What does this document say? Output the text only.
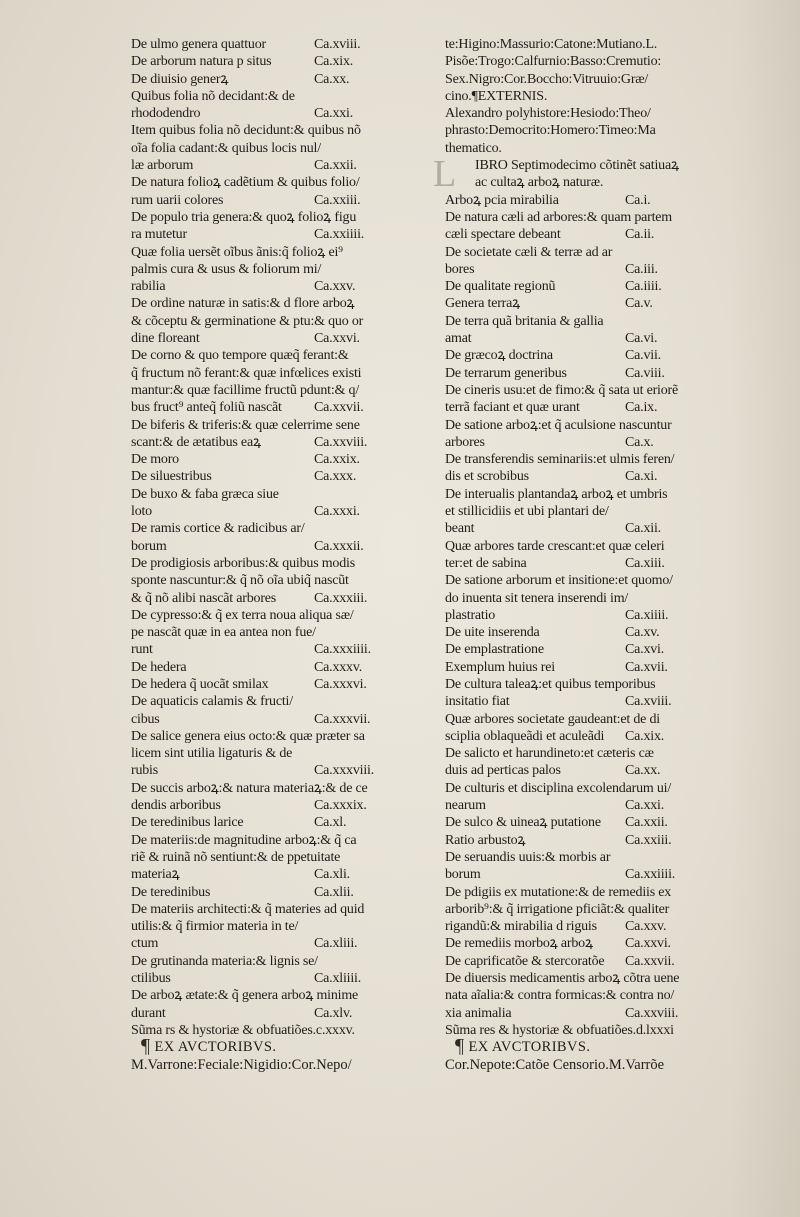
L
De ulmo genera quattuor	Ca.xviii.
De arborum natura p situs	Ca.xix.
De diuisio generꝝ	Ca.xx.
Quibus folia nõ decidant:& de
rhododendro	Ca.xxi.
Item quibus folia nõ decidunt:& quibus nõ
oĩa folia cadant:& quibus locis nul/
læ arborum	Ca.xxii.
De natura folioꝝ cadẽtium & quibus folio/
rum uarii colores	Ca.xxiii.
De populo tria genera:& quoꝝ folioꝝ figu
ra mutetur	Ca.xxiiii.
Quæ folia uersẽt oĩbus ãnis:q̃ folioꝝ ei⁹
palmis cura & usus & foliorum mi/
rabilia	Ca.xxv.
De ordine naturæ in satis:& d flore arboꝝ
& cõceptu & germinatione & ptu:& quo or
dine floreant	Ca.xxvi.
De corno & quo tempore quæq̃ ferant:&
q̃ fructum nõ ferant:& quæ infœlices existi
mantur:& quæ facillime fructũ pdunt:& q/
bus fruct⁹ anteq̃ foliũ nascãt Ca.xxvii.
De biferis & triferis:& quæ celerrime sene
scant:& de ætatibus eaꝝ	Ca.xxviii.
De moro	Ca.xxix.
De siluestribus	Ca.xxx.
De buxo & faba græca siue
loto	Ca.xxxi.
De ramis cortice & radicibus ar/
borum	Ca.xxxii.
De prodigiosis arboribus:& quibus modis
sponte nascuntur:& q̃ nõ oĩa ubiq̃ nascũt
& q̃ nõ alibi nascãt arbores	Ca.xxxiii.
De cypresso:& q̃ ex terra noua aliqua sæ/
pe nascãt quæ in ea antea non fue/
runt	Ca.xxxiiii.
De hedera	Ca.xxxv.
De hedera q̃ uocãt smilax	Ca.xxxvi.
De aquaticis calamis & fructi/
cibus	Ca.xxxvii.
De salice genera eius octo:& quæ præter sa
licem sint utilia ligaturis & de
rubis	Ca.xxxviii.
De succis arboꝝ:& natura materiaꝝ:& de ce
dendis arboribus	Ca.xxxix.
De teredinibus larice	Ca.xl.
De materiis:de magnitudine arboꝝ:& q̃ ca
riẽ & ruinã nõ sentiunt:& de ppetuitate
materiaꝝ	Ca.xli.
De teredinibus	Ca.xlii.
De materiis architecti:& q̃ materies ad quid
utilis:& q̃ firmior materia in te/
ctum	Ca.xliii.
De grutinanda materia:& lignis se/
ctilibus	Ca.xliiii.
De arboꝝ ætate:& q̃ genera arboꝝ minime
durant	Ca.xlv.
Sũma rs & hystoriæ & obfuatiões.c.xxxv.
¶ EX AVCTORIBVS.
M.Varrone:Feciale:Nigidio:Cor.Nepo/
te:Higino:Massurio:Catone:Mutiano.L.
Pisõe:Trogo:Calfurnio:Basso:Cremutio:
Sex.Nigro:Cor.Boccho:Vitruuio:Græ/
cino.¶EXTERNIS.
Alexandro polyhistore:Hesiodo:Theo/
phrasto:Democrito:Homero:Timeo:Ma
thematico.
IBRO Septimodecimo cõtinẽt satiuaꝝ
ac cultaꝝ arboꝝ naturæ.
Arboꝝ pcia mirabilia	Ca.i.
De natura cæli ad arbores:& quam partem
cæli spectare debeant	Ca.ii.
De societate cæli & terræ ad ar
bores	Ca.iii.
De qualitate regionũ	Ca.iiii.
Genera terraꝝ	Ca.v.
De terra quã britania & gallia
amat	Ca.vi.
De græcoꝝ doctrina	Ca.vii.
De terrarum generibus	Ca.viii.
De cineris usu:et de fimo:& q̃ sata ut eriorẽ
terrã faciant et quæ urant	Ca.ix.
De satione arboꝝ:et q̃ aculsione nascuntur
arbores	Ca.x.
De transferendis seminariis:et ulmis feren/
dis et scrobibus	Ca.xi.
De interualis plantandaꝝ arboꝝ et umbris
et stillicidiis et ubi plantari de/
beant	Ca.xii.
Quæ arbores tarde crescant:et quæ celeri
ter:et de sabina	Ca.xiii.
De satione arborum et insitione:et quomo/
do inuenta sit tenera inserendi im/
plastratio	Ca.xiiii.
De uite inserenda	Ca.xv.
De emplastratione	Ca.xvi.
Exemplum huius rei	Ca.xvii.
De cultura taleaꝝ:et quibus temporibus
insitatio fiat	Ca.xviii.
Quæ arbores societate gaudeant:et de di
sciplia oblaqueãdi et aculeãdi Ca.xix.
De salicto et harundineto:et cæteris cæ
duis ad perticas palos	Ca.xx.
De culturis et disciplina excolendarum ui/
nearum	Ca.xxi.
De sulco & uineaꝝ putatione Ca.xxii.
Ratio arbustoꝝ	Ca.xxiii.
De seruandis uuis:& morbis ar
borum	Ca.xxiiii.
De pdigiis ex mutatione:& de remediis ex
arborib⁹:& q̃ irrigatione pficiãt:& qualiter
rigandũ:& mirabilia d riguis Ca.xxv.
De remediis morboꝝ arboꝝ Ca.xxvi.
De caprificatõe & stercoratõe Ca.xxvii.
De diuersis medicamentis arboꝝ cõtra uene
nata aĩalia:& contra formicas:& contra no/
xia animalia	Ca.xxviii.
Sũma res & hystoriæ & obfuatiões.d.lxxxi
¶ EX AVCTORIBVS.
Cor.Nepote:Catõe Censorio.M.Varrõe
